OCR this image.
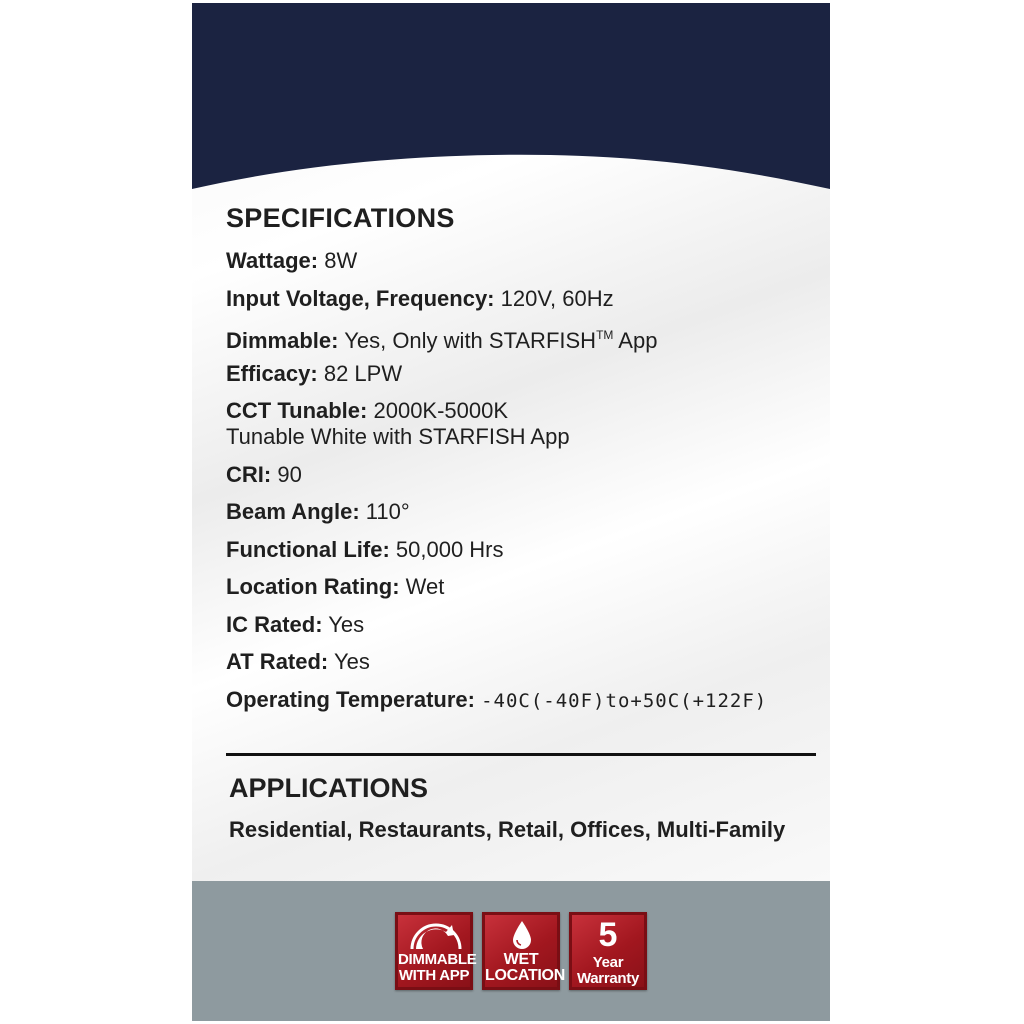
SPECIFICATIONS
Wattage: 8W
Input Voltage, Frequency: 120V, 60Hz
Dimmable: Yes, Only with STARFISH™ App
Efficacy: 82 LPW
CCT Tunable: 2000K-5000K
Tunable White with STARFISH App
CRI: 90
Beam Angle: 110°
Functional Life: 50,000 Hrs
Location Rating: Wet
IC Rated: Yes
AT Rated: Yes
Operating Temperature: -40C(-40F)to+50C(+122F)
APPLICATIONS
Residential, Restaurants, Retail, Offices, Multi-Family
DIMMABLE
WITH APP
WET
LOCATION
5
Year
Warranty
